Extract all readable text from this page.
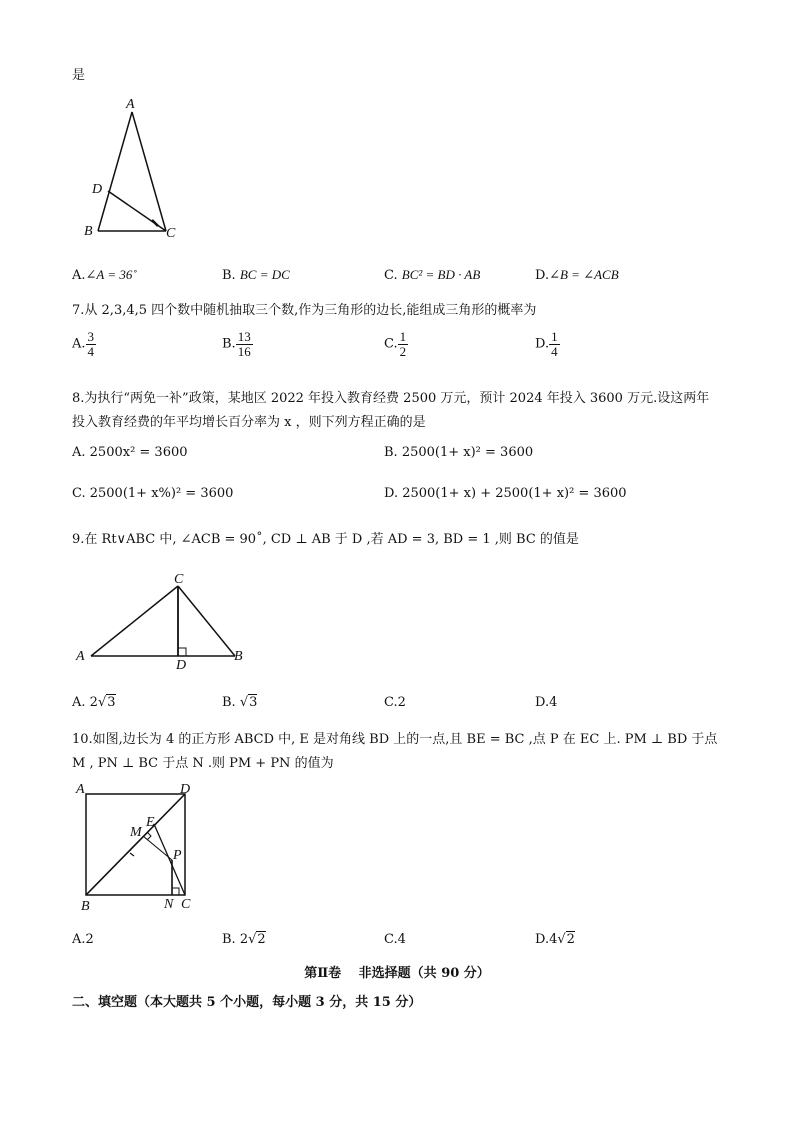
是
A
D
B	C
A.∠A = 36˚	B. BC = DC	C. BC² = BD · AB	D.∠B = ∠ACB
7.从 2,3,4,5 四个数中随机抽取三个数,作为三角形的边长,能组成三角形的概率为
A. $\frac{3}{4}$	B. $\frac{13}{16}$	C. $\frac{1}{2}$	D. $\frac{1}{4}$
8.为执行“两免一补”政策，某地区 2022 年投入教育经费 2500 万元，预计 2024 年投入 3600 万元.设这两年
投入教育经费的年平均增长百分率为 x ，则下列方程正确的是
A. 2500x² = 3600	B. 2500(1+ x)² = 3600
C. 2500(1+ x%)² = 3600	D. 2500(1+ x) + 2500(1+ x)² = 3600
9.在 Rt∨ABC 中, ∠ACB = 90˚, CD ⊥ AB 于 D ,若 AD = 3, BD = 1 ,则 BC 的值是
C
A
D
B
A. 2√3	B. √3	C.2	D.4
10.如图,边长为 4 的正方形 ABCD 中, E 是对角线 BD 上的一点,且 BE = BC ,点 P 在 EC 上. PM ⊥ BD 于点
M , PN ⊥ BC 于点 N .则 PM + PN 的值为
A	D
E
M
P
B	N C
A.2	B. 2√2	C.4	D.4√2
第Ⅱ卷　 非选择题（共 90 分）
二、填空题（本大题共 5 个小题，每小题 3 分，共 15 分）
